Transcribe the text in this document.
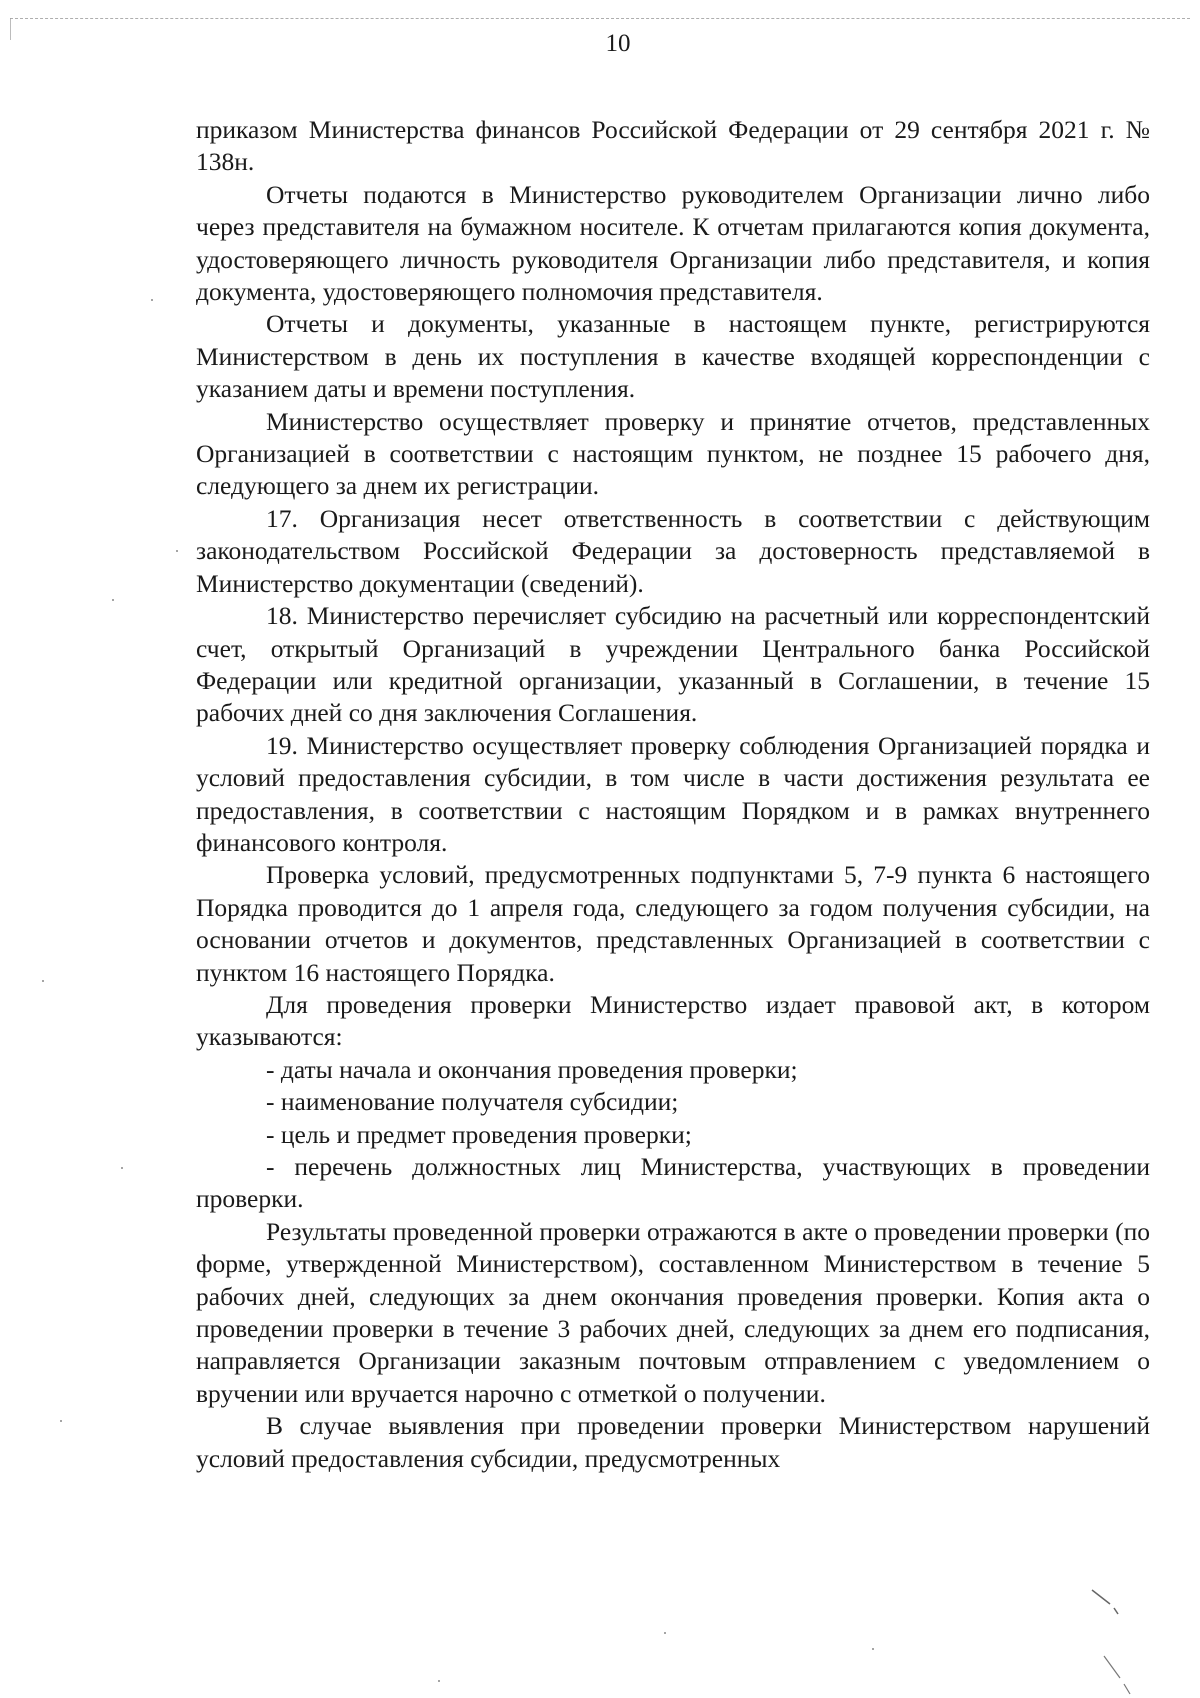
10

приказом Министерства финансов Российской Федерации от 29 сентября 2021 г. № 138н.

Отчеты подаются в Министерство руководителем Организации лично либо через представителя на бумажном носителе. К отчетам прилагаются копия документа, удостоверяющего личность руководителя Организации либо представителя, и копия документа, удостоверяющего полномочия представителя.

Отчеты и документы, указанные в настоящем пункте, регистрируются Министерством в день их поступления в качестве входящей корреспонденции с указанием даты и времени поступления.

Министерство осуществляет проверку и принятие отчетов, представленных Организацией в соответствии с настоящим пунктом, не позднее 15 рабочего дня, следующего за днем их регистрации.

17. Организация несет ответственность в соответствии с действующим законодательством Российской Федерации за достоверность представляемой в Министерство документации (сведений).

18. Министерство перечисляет субсидию на расчетный или корреспондентский счет, открытый Организаций в учреждении Центрального банка Российской Федерации или кредитной организации, указанный в Соглашении, в течение 15 рабочих дней со дня заключения Соглашения.

19. Министерство осуществляет проверку соблюдения Организацией порядка и условий предоставления субсидии, в том числе в части достижения результата ее предоставления, в соответствии с настоящим Порядком и в рамках внутреннего финансового контроля.

Проверка условий, предусмотренных подпунктами 5, 7-9 пункта 6 настоящего Порядка проводится до 1 апреля года, следующего за годом получения субсидии, на основании отчетов и документов, представленных Организацией в соответствии с пунктом 16 настоящего Порядка.

Для проведения проверки Министерство издает правовой акт, в котором указываются:

- даты начала и окончания проведения проверки;

- наименование получателя субсидии;

- цель и предмет проведения проверки;

- перечень должностных лиц Министерства, участвующих в проведении проверки.

Результаты проведенной проверки отражаются в акте о проведении проверки (по форме, утвержденной Министерством), составленном Министерством в течение 5 рабочих дней, следующих за днем окончания проведения проверки. Копия акта о проведении проверки в течение 3 рабочих дней, следующих за днем его подписания, направляется Организации заказным почтовым отправлением с уведомлением о вручении или вручается нарочно с отметкой о получении.

В случае выявления при проведении проверки Министерством нарушений условий предоставления субсидии, предусмотренных
